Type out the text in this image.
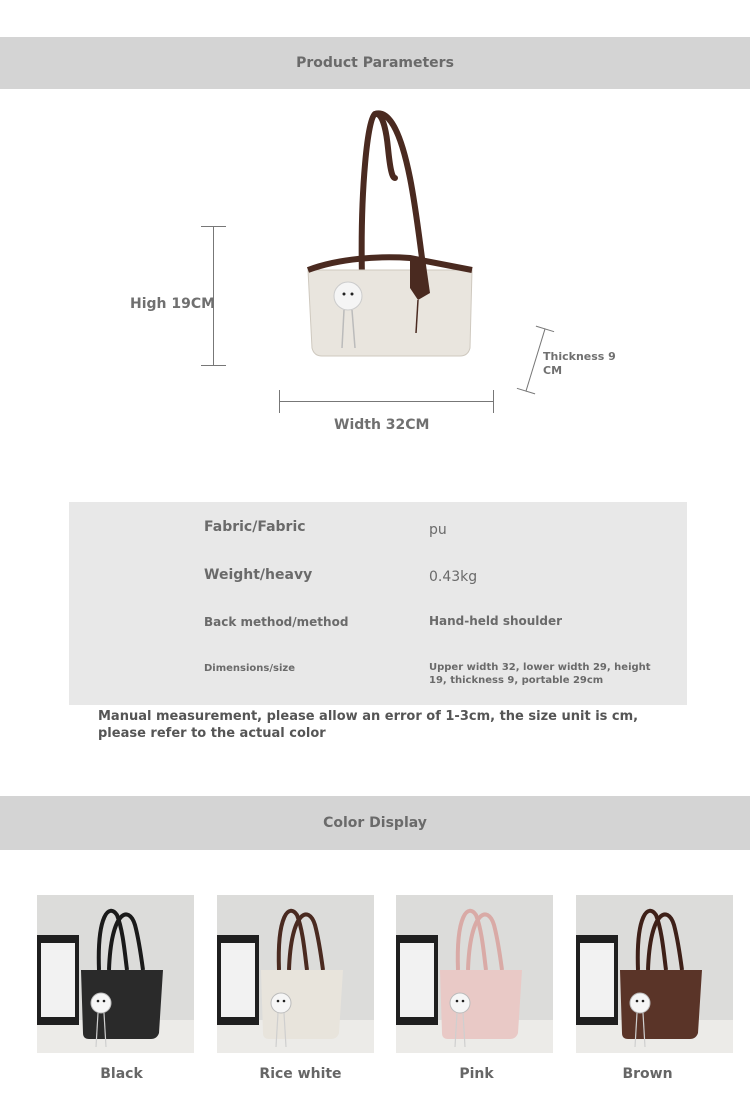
Product Parameters
High 19CM
Width 32CM
Thickness 9 CM
Fabric/Fabric	pu
Weight/heavy	0.43kg
Back method/method	Hand-held shoulder
Dimensions/size	Upper width 32, lower width 29, height 19, thickness 9, portable 29cm
Manual measurement, please allow an error of 1-3cm, the size unit is cm, please refer to the actual color
Color Display
Black	Rice white	Pink	Brown
